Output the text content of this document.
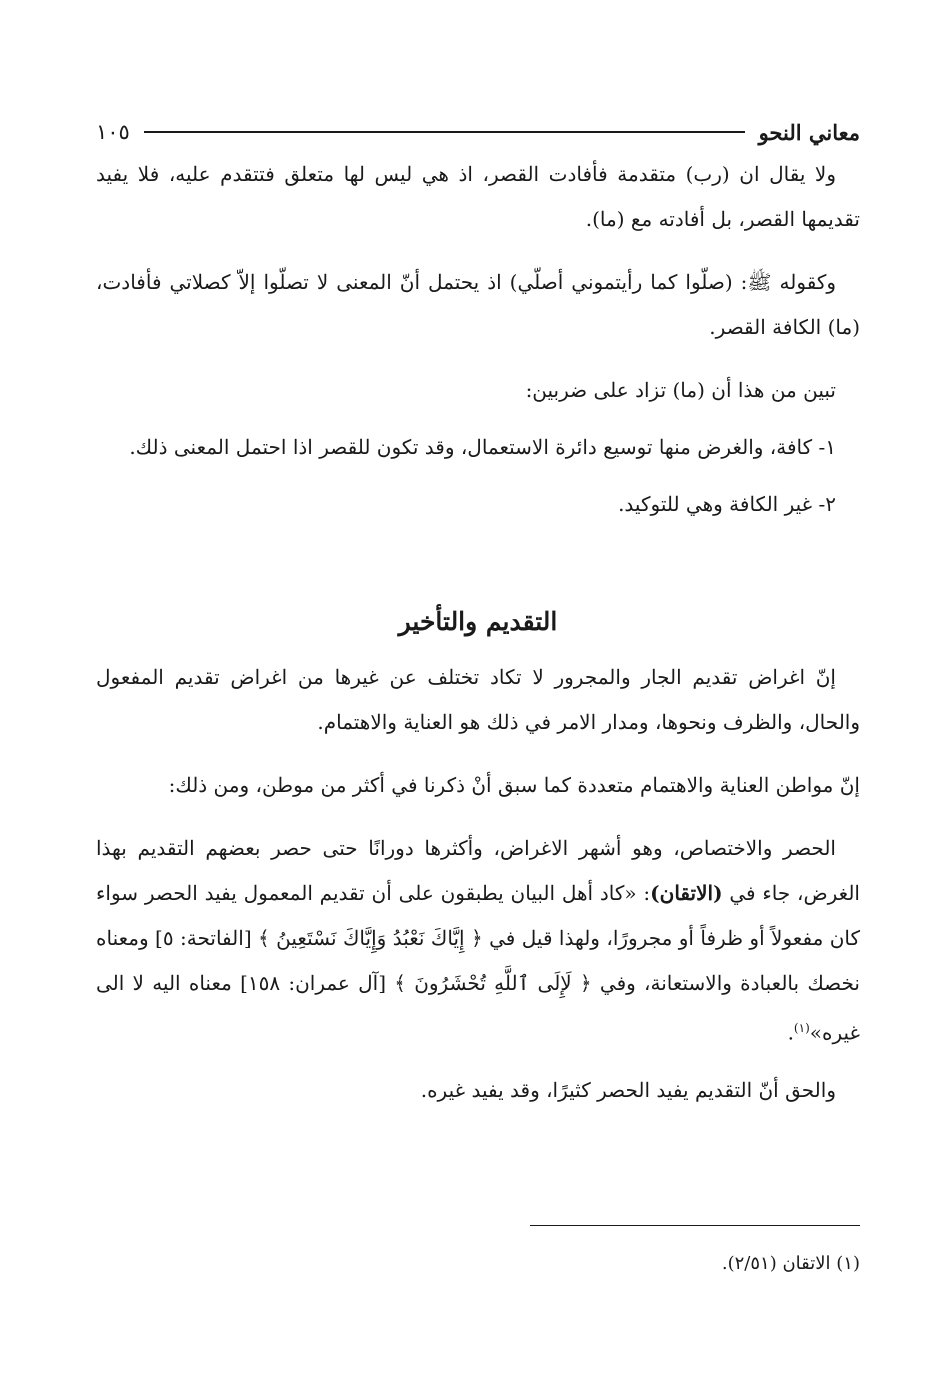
معاني النحو
١٠٥

ولا يقال ان (رب) متقدمة فأفادت القصر، اذ هي ليس لها متعلق فتتقدم عليه، فلا يفيد تقديمها القصر، بل أفادته مع (ما).

وكقوله ﷺ: (صلّوا كما رأيتموني أصلّي) اذ يحتمل أنّ المعنى لا تصلّوا إلاّ كصلاتي فأفادت، (ما) الكافة القصر.

تبين من هذا أن (ما) تزاد على ضربين:

١- كافة، والغرض منها توسيع دائرة الاستعمال، وقد تكون للقصر اذا احتمل المعنى ذلك.

٢- غير الكافة وهي للتوكيد.

التقديم والتأخير

إنّ اغراض تقديم الجار والمجرور لا تكاد تختلف عن غيرها من اغراض تقديم المفعول والحال، والظرف ونحوها، ومدار الامر في ذلك هو العناية والاهتمام.

إنّ مواطن العناية والاهتمام متعددة كما سبق أنْ ذكرنا في أكثر من موطن، ومن ذلك:

الحصر والاختصاص، وهو أشهر الاغراض، وأكثرها دورانًا حتى حصر بعضهم التقديم بهذا الغرض، جاء في (الاتقان): «كاد أهل البيان يطبقون على أن تقديم المعمول يفيد الحصر سواء كان مفعولاً أو ظرفاً أو مجرورًا، ولهذا قيل في ﴿ إِيَّاكَ نَعْبُدُ وَإِيَّاكَ نَسْتَعِينُ ﴾ [الفاتحة: ٥] ومعناه نخصك بالعبادة والاستعانة، وفي ﴿ لَإِلَى ٱللَّهِ تُحْشَرُونَ ﴾ [آل عمران: ١٥٨] معناه اليه لا الى غيره»$^{(١)}$.

والحق أنّ التقديم يفيد الحصر كثيرًا، وقد يفيد غيره.

(١) الاتقان (٢/٥١).
